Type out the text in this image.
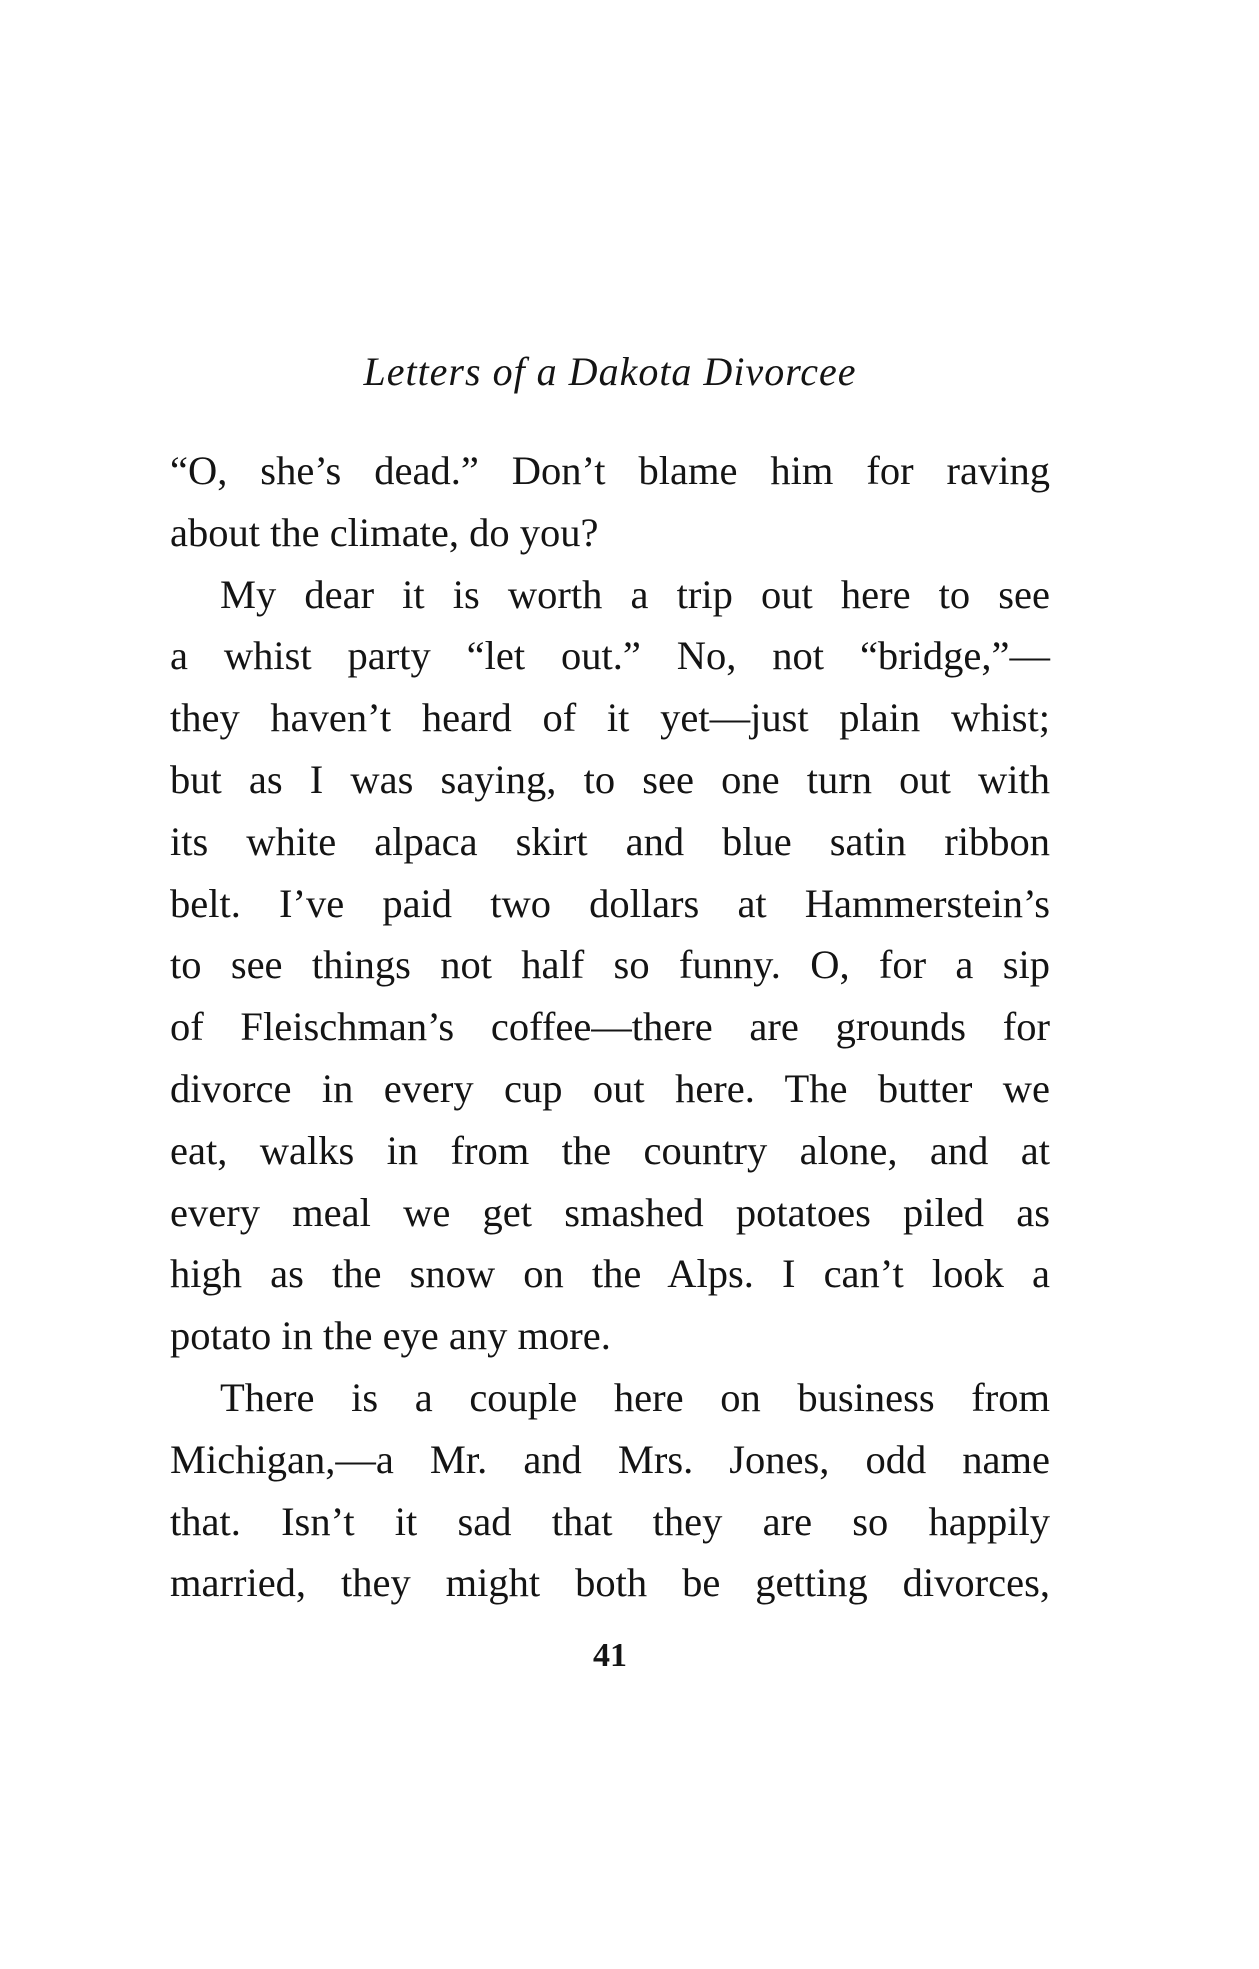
Letters of a Dakota Divorcee
“O, she’s dead.” Don’t blame him for raving
about the climate, do you?
My dear it is worth a trip out here to see
a whist party “let out.” No, not “bridge,”—
they haven’t heard of it yet—just plain whist;
but as I was saying, to see one turn out with
its white alpaca skirt and blue satin ribbon
belt. I’ve paid two dollars at Hammerstein’s
to see things not half so funny. O, for a sip
of Fleischman’s coffee—there are grounds for
divorce in every cup out here. The butter we
eat, walks in from the country alone, and at
every meal we get smashed potatoes piled as
high as the snow on the Alps. I can’t look a
potato in the eye any more.
There is a couple here on business from
Michigan,—a Mr. and Mrs. Jones, odd name
that. Isn’t it sad that they are so happily
married, they might both be getting divorces,
41
